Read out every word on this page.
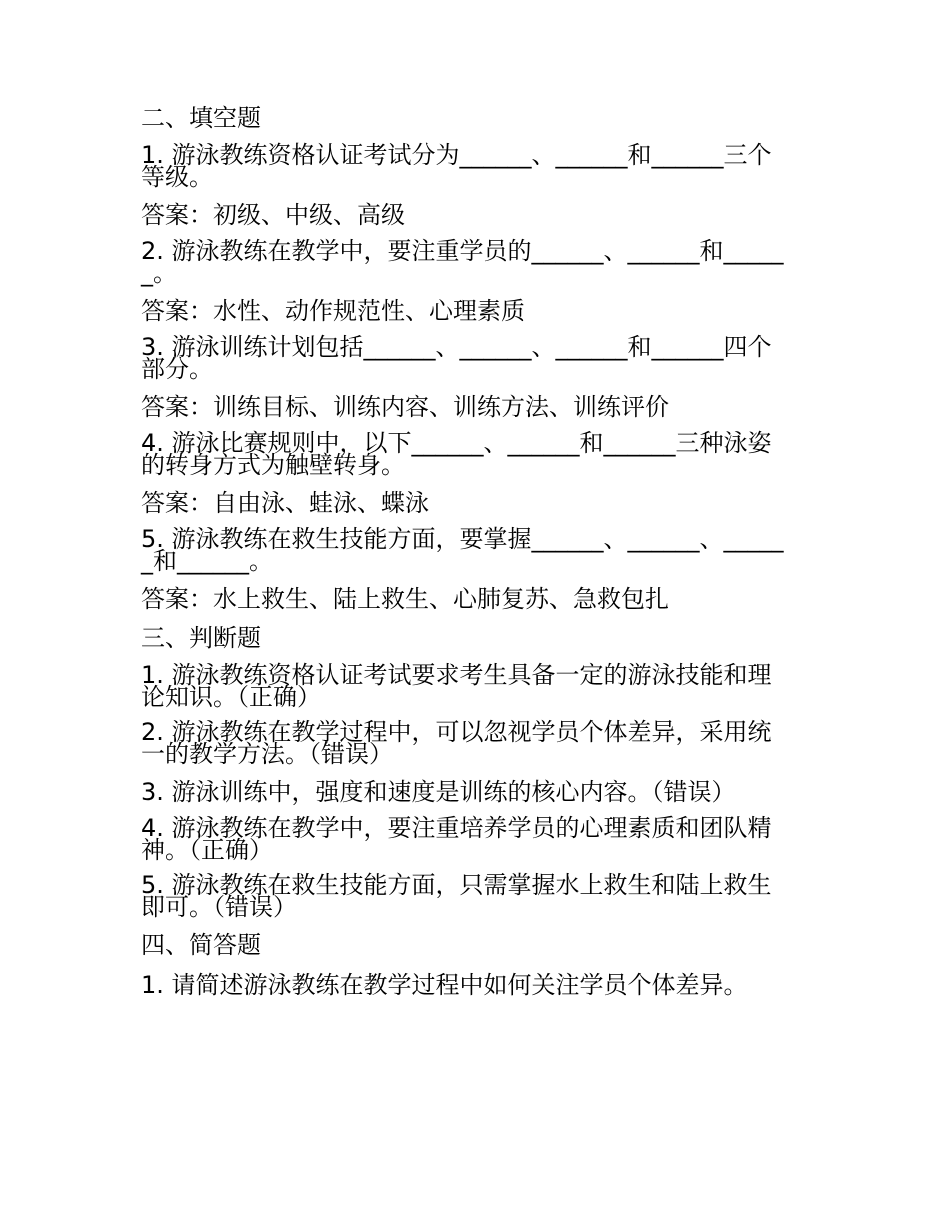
二、填空题
1. 游泳教练资格认证考试分为______、______和______三个等级。
答案：初级、中级、高级
2. 游泳教练在教学中，要注重学员的______、______和______。
答案：水性、动作规范性、心理素质
3. 游泳训练计划包括______、______、______和______四个部分。
答案：训练目标、训练内容、训练方法、训练评价
4. 游泳比赛规则中，以下______、______和______三种泳姿的转身方式为触壁转身。
答案：自由泳、蛙泳、蝶泳
5. 游泳教练在救生技能方面，要掌握______、______、______和______。
答案：水上救生、陆上救生、心肺复苏、急救包扎
三、判断题
1. 游泳教练资格认证考试要求考生具备一定的游泳技能和理论知识。（正确）
2. 游泳教练在教学过程中，可以忽视学员个体差异，采用统一的教学方法。（错误）
3. 游泳训练中，强度和速度是训练的核心内容。（错误）
4. 游泳教练在教学中，要注重培养学员的心理素质和团队精神。（正确）
5. 游泳教练在救生技能方面，只需掌握水上救生和陆上救生即可。（错误）
四、简答题
1. 请简述游泳教练在教学过程中如何关注学员个体差异。
